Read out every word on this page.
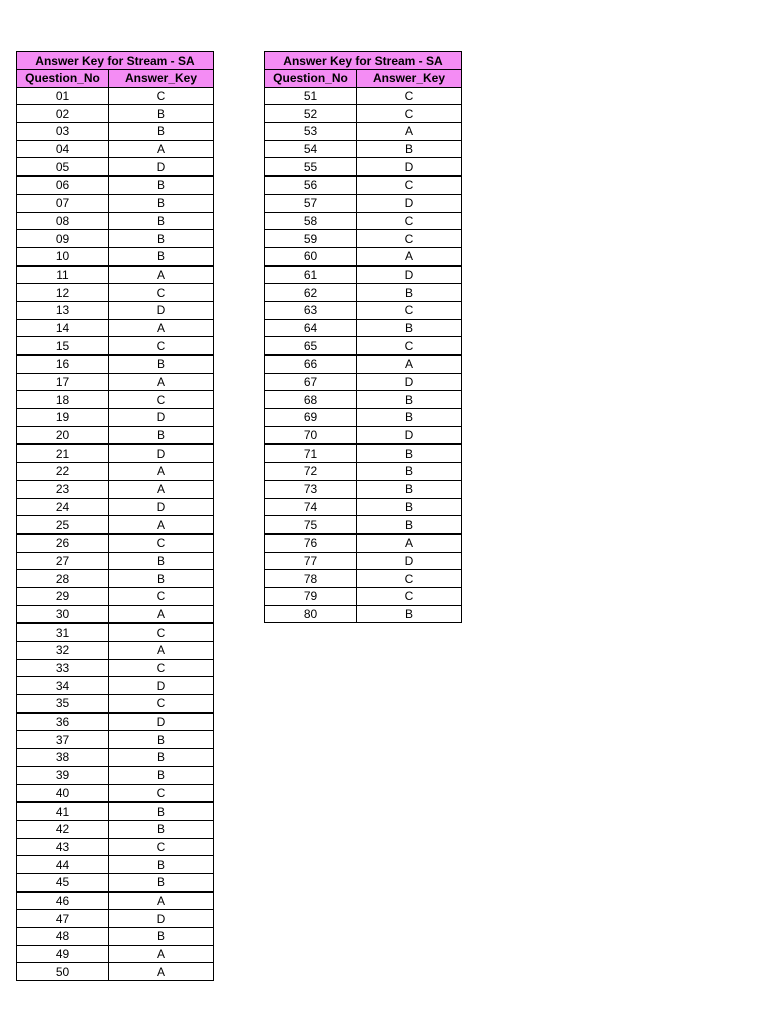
Answer Key for Stream - SA	
Question_No	Answer_Key
01	C
02	B
03	B
04	A
05	D
06	B
07	B
08	B
09	B
10	B
11	A
12	C
13	D
14	A
15	C
16	B
17	A
18	C
19	D
20	B
21	D
22	A
23	A
24	D
25	A
26	C
27	B
28	B
29	C
30	A
31	C
32	A
33	C
34	D
35	C
36	D
37	B
38	B
39	B
40	C
41	B
42	B
43	C
44	B
45	B
46	A
47	D
48	B
49	A
50	A
Answer Key for Stream - SA	
Question_No	Answer_Key
51	C
52	C
53	A
54	B
55	D
56	C
57	D
58	C
59	C
60	A
61	D
62	B
63	C
64	B
65	C
66	A
67	D
68	B
69	B
70	D
71	B
72	B
73	B
74	B
75	B
76	A
77	D
78	C
79	C
80	B
